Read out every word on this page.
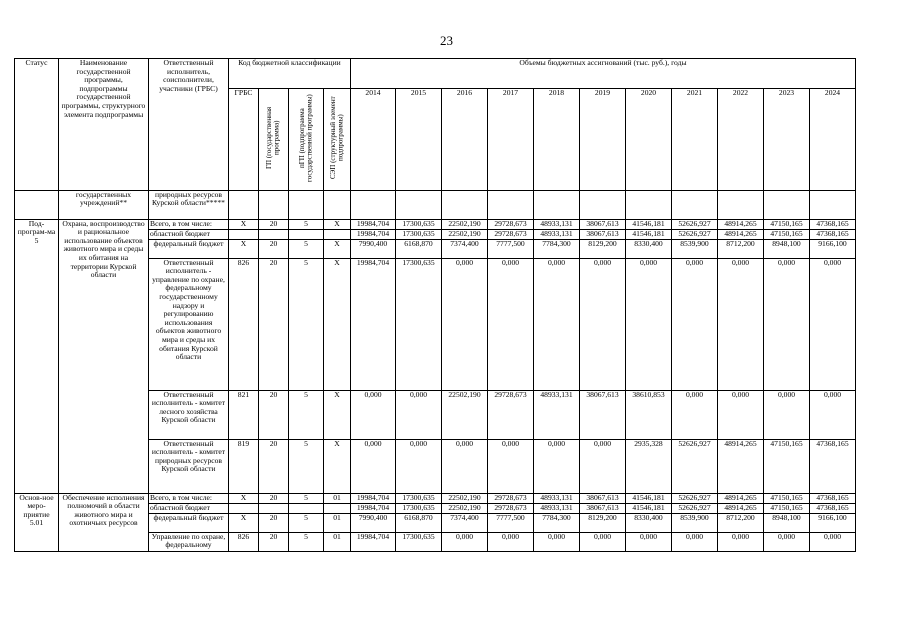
23
Статус	Наименование государственной программы, подпрограммы государственной программы, структурного элемента подпрограммы	Ответственный исполнитель, соисполнители, участники (ГРБС)	Код бюджетной классификации				Объемы бюджетных ассигнований (тыс. руб.), годы										
			ГРБС	ГП (государственная программа)	пГП (подпрограмма государственной программы)	СЭП (структурный элемент подпрограммы)	2014	2015	2016	2017	2018	2019	2020	2021	2022	2023	2024
	государственных учреждений**	природных ресурсов Курской области*****															
Под-програм-ма 5	Охрана, воспроизводство и рациональное использование объектов животного мира и среды их обитания на территории Курской области	Всего, в том числе:	Х	20	5	Х	19984,704	17300,635	22502,190	29728,673	48933,131	38067,613	41546,181	52626,927	48914,265	47150,165	47368,165
		областной бюджет					19984,704	17300,635	22502,190	29728,673	48933,131	38067,613	41546,181	52626,927	48914,265	47150,165	47368,165
		федеральный бюджет	Х	20	5	Х	7990,400	6168,870	7374,400	7777,500	7784,300	8129,200	8330,400	8539,900	8712,200	8948,100	9166,100
		Ответственный исполнитель - управление по охране, федеральному государственному надзору и регулированию использования объектов животного мира и среды их обитания Курской области	826	20	5	Х	19984,704	17300,635	0,000	0,000	0,000	0,000	0,000	0,000	0,000	0,000	0,000
		Ответственный исполнитель - комитет лесного хозяйства Курской области	821	20	5	Х	0,000	0,000	22502,190	29728,673	48933,131	38067,613	38610,853	0,000	0,000	0,000	0,000
		Ответственный исполнитель - комитет природных ресурсов Курской области	819	20	5	Х	0,000	0,000	0,000	0,000	0,000	0,000	2935,328	52626,927	48914,265	47150,165	47368,165
Основ-ное меро-приятие 5.01	Обеспечение исполнения полномочий в области животного мира и охотничьих ресурсов	Всего, в том числе:	Х	20	5	01	19984,704	17300,635	22502,190	29728,673	48933,131	38067,613	41546,181	52626,927	48914,265	47150,165	47368,165
		областной бюджет					19984,704	17300,635	22502,190	29728,673	48933,131	38067,613	41546,181	52626,927	48914,265	47150,165	47368,165
		федеральный бюджет	Х	20	5	01	7990,400	6168,870	7374,400	7777,500	7784,300	8129,200	8330,400	8539,900	8712,200	8948,100	9166,100
		Управление по охране, федеральному	826	20	5	01	19984,704	17300,635	0,000	0,000	0,000	0,000	0,000	0,000	0,000	0,000	0,000
